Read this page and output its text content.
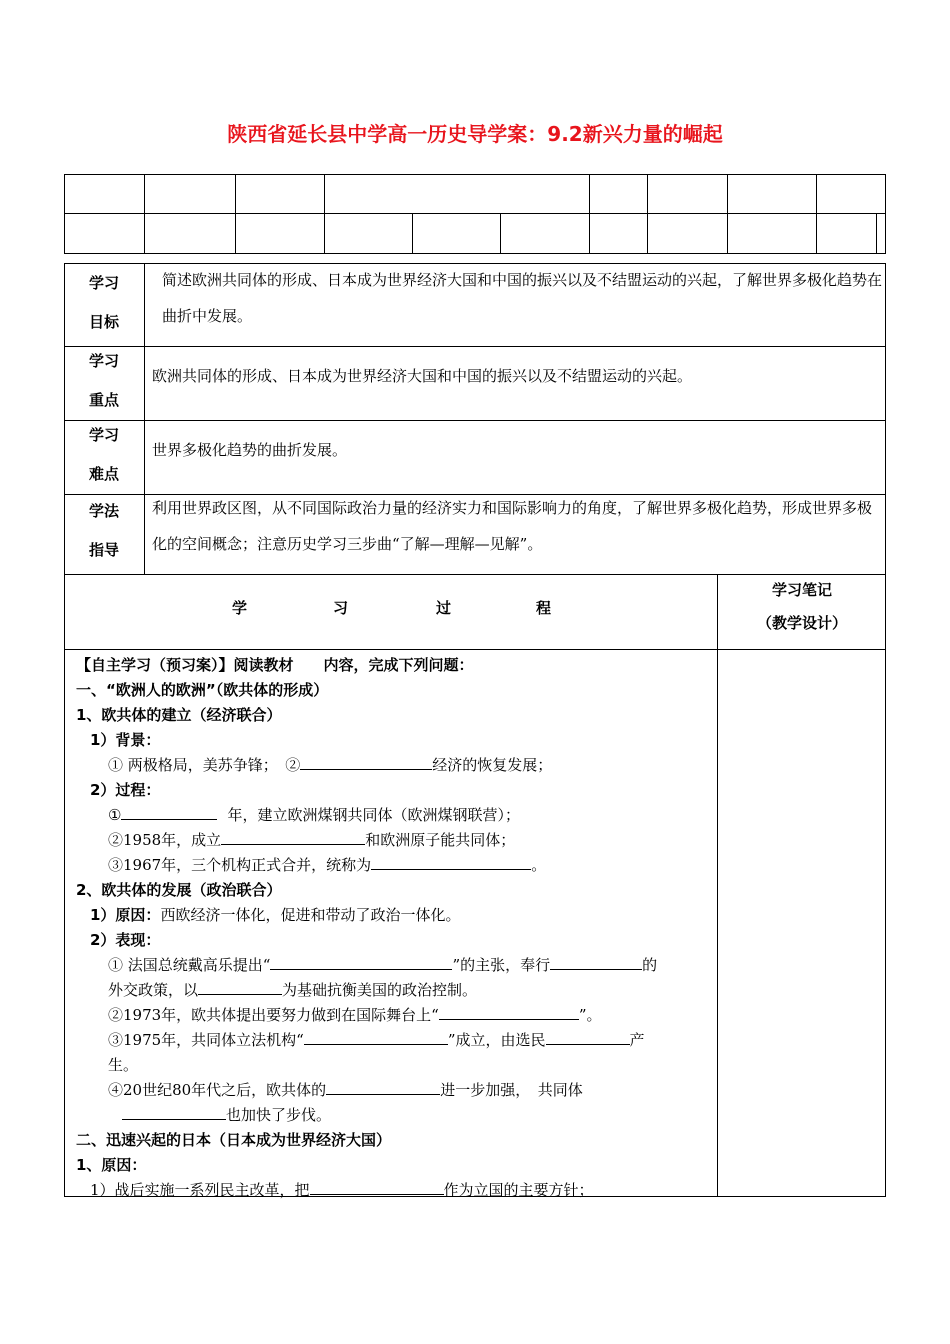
陕西省延长县中学高一历史导学案：9.2新兴力量的崛起
学习
目标
简述欧洲共同体的形成、日本成为世界经济大国和中国的振兴以及不结盟运动的兴起，了解世界多极化趋势在曲折中发展。
学习
重点
欧洲共同体的形成、日本成为世界经济大国和中国的振兴以及不结盟运动的兴起。
学习
难点
世界多极化趋势的曲折发展。
学法
指导
利用世界政区图，从不同国际政治力量的经济实力和国际影响力的角度，了解世界多极化趋势，形成世界多极化的空间概念；注意历史学习三步曲“了解—理解—见解”。
学	习	过	程
学习笔记
（教学设计）
【自主学习（预习案）】阅读教材　　内容，完成下列问题：
一、“欧洲人的欧洲”（欧共体的形成）
1、欧共体的建立（经济联合）
1）背景：
① 两极格局，美苏争锋；　②	经济的恢复发展；
2）过程：
①	年，建立欧洲煤钢共同体（欧洲煤钢联营）；
②1958年，成立	和欧洲原子能共同体；
③1967年，三个机构正式合并，统称为	。
2、欧共体的发展（政治联合）
1）原因：西欧经济一体化，促进和带动了政治一体化。
2）表现：
① 法国总统戴高乐提出“	”的主张，奉行	的
外交政策，以	为基础抗衡美国的政治控制。
②1973年，欧共体提出要努力做到在国际舞台上“	”。
③1975年，共同体立法机构“	”成立，由选民	产
生。
④20世纪80年代之后，欧共体的	进一步加强，　共同体
也加快了步伐。
二、迅速兴起的日本（日本成为世界经济大国）
1、原因：
1）战后实施一系列民主改革，把	作为立国的主要方针；
